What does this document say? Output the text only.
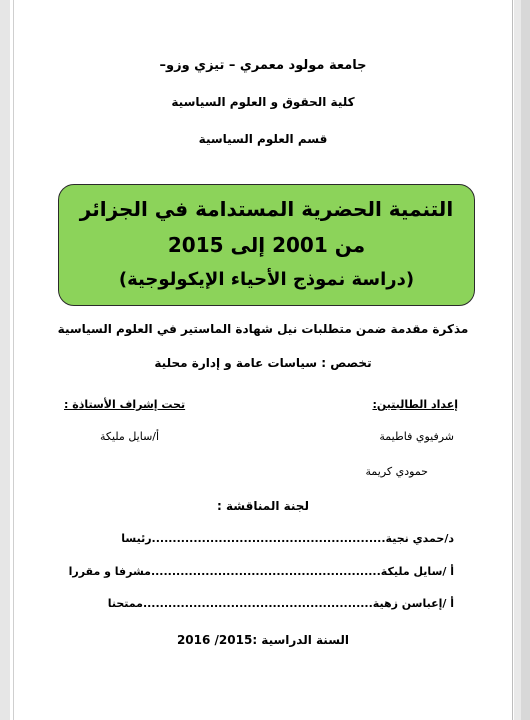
جامعة مولود معمري – تيزي وزو–
كلية الحقوق و العلوم السياسية
قسم العلوم السياسية
التنمية الحضرية المستدامة في الجزائر
من 2001 إلى 2015
(دراسة نموذج الأحياء الإيكولوجية)
مذكرة مقدمة ضمن متطلبات نيل شهادة الماستير في العلوم السياسية
تخصص : سياسات عامة و إدارة محلية
إعداد الطالبتين:
تحت إشراف الأستاذة :
شرفيوي فاطيمة
أ/سايل مليكة
حمودي كريمة
لجنة المناقشة :
د/حمدي نجية........................................................رئيسا
أ /سايل مليكة.......................................................مشرفا و مقررا
أ /إعباسن زهية.......................................................ممتحنا
السنة الدراسية :2015/ 2016
